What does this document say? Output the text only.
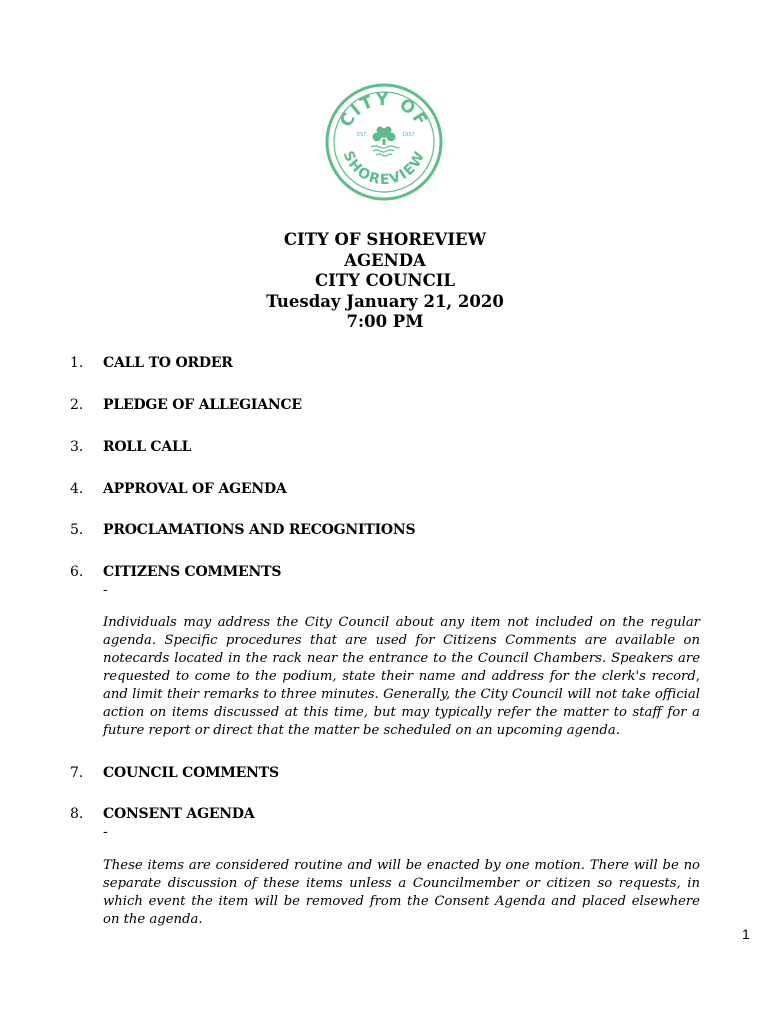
CITY OF
SHOREVIEW
EST.	1957
CITY OF SHOREVIEW
AGENDA
CITY COUNCIL
Tuesday January 21, 2020
7:00 PM
1. CALL TO ORDER
2. PLEDGE OF ALLEGIANCE
3. ROLL CALL
4. APPROVAL OF AGENDA
5. PROCLAMATIONS AND RECOGNITIONS
6. CITIZENS COMMENTS
-
Individuals may address the City Council about any item not included on the regular agenda. Specific procedures that are used for Citizens Comments are available on notecards located in the rack near the entrance to the Council Chambers. Speakers are requested to come to the podium, state their name and address for the clerk's record, and limit their remarks to three minutes. Generally, the City Council will not take official action on items discussed at this time, but may typically refer the matter to staff for a future report or direct that the matter be scheduled on an upcoming agenda.
7. COUNCIL COMMENTS
8. CONSENT AGENDA
-
These items are considered routine and will be enacted by one motion. There will be no separate discussion of these items unless a Councilmember or citizen so requests, in which event the item will be removed from the Consent Agenda and placed elsewhere on the agenda.
1
